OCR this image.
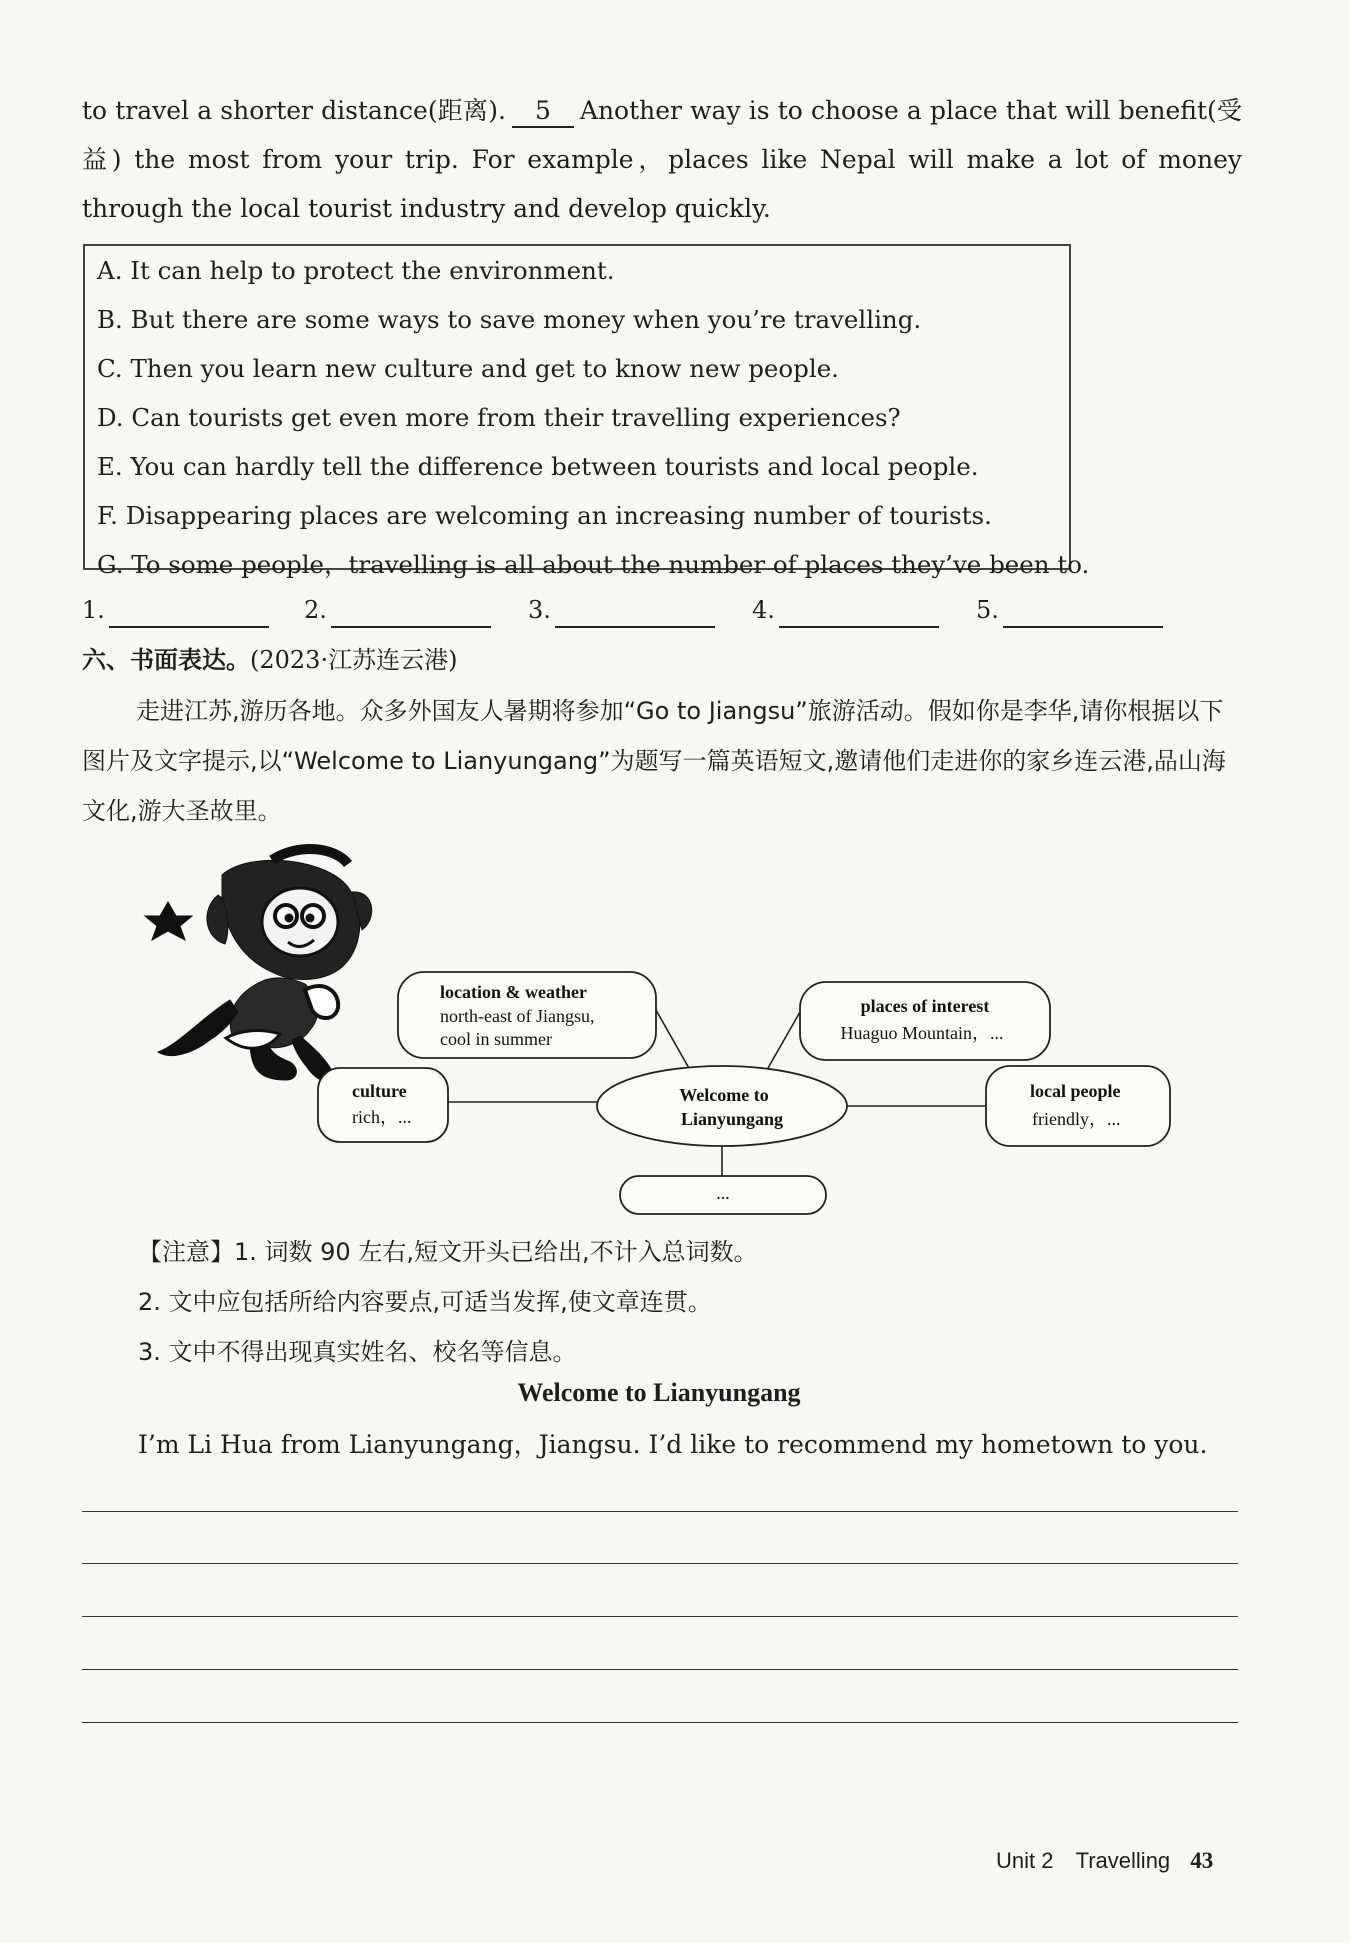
to travel a shorter distance(距离). 5 Another way is to choose a place that will benefit(受益) the most from your trip. For example，places like Nepal will make a lot of money through the local tourist industry and develop quickly.
A. It can help to protect the environment.
B. But there are some ways to save money when you’re travelling.
C. Then you learn new culture and get to know new people.
D. Can tourists get even more from their travelling experiences?
E. You can hardly tell the difference between tourists and local people.
F. Disappearing places are welcoming an increasing number of tourists.
G. To some people，travelling is all about the number of places they’ve been to.
1.	2.	3.	4.	5.
六、书面表达。(2023·江苏连云港)
走进江苏,游历各地。众多外国友人暑期将参加“Go to Jiangsu”旅游活动。假如你是李华,请你根据以下图片及文字提示,以“Welcome to Lianyungang”为题写一篇英语短文,邀请他们走进你的家乡连云港,品山海文化,游大圣故里。
Welcome to
Lianyungang
location & weather
north-east of Jiangsu,
cool in summer
places of interest
Huaguo Mountain，...
culture
rich，...
local people
friendly，...
...
【注意】1. 词数 90 左右,短文开头已给出,不计入总词数。
2. 文中应包括所给内容要点,可适当发挥,使文章连贯。
3. 文中不得出现真实姓名、校名等信息。
Welcome to Lianyungang
I’m Li Hua from Lianyungang，Jiangsu. I’d like to recommend my hometown to you.
Unit 2 Travelling 43
